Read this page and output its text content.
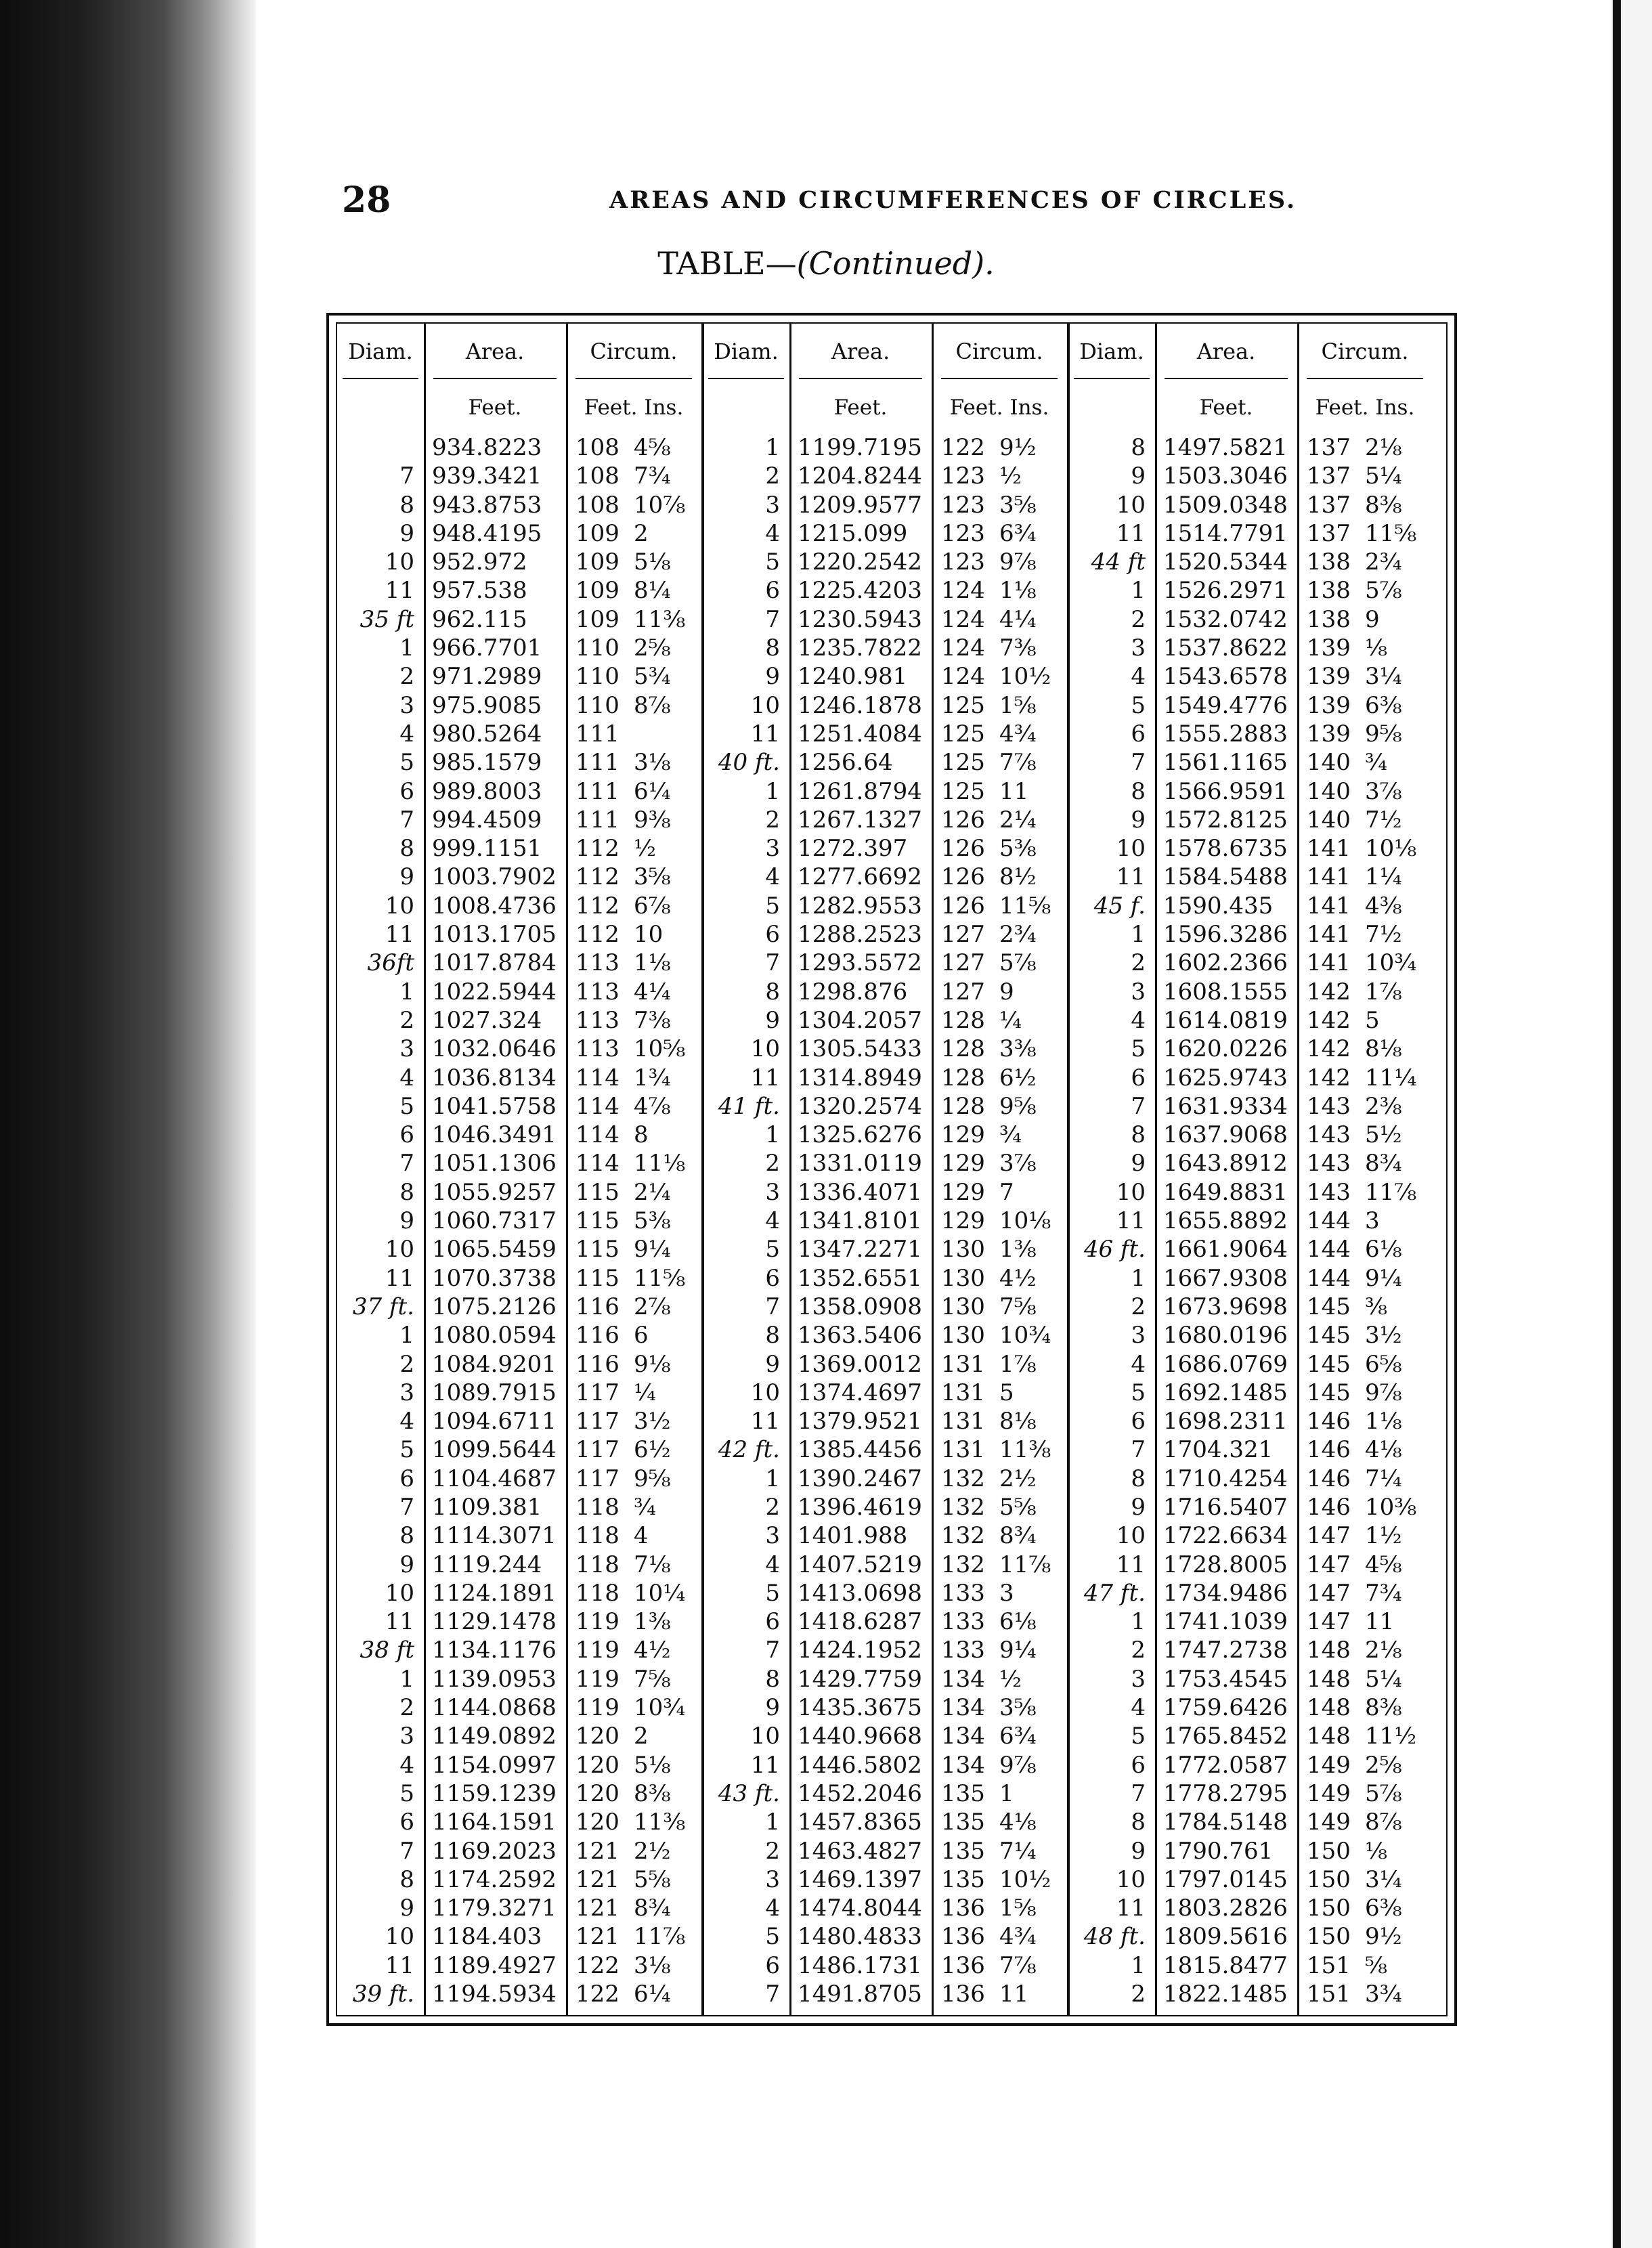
28	AREAS AND CIRCUMFERENCES OF CIRCLES.
TABLE—(Continued).
Diam.	Area.	Circum.
Feet.	Feet. Ins.
934.8223 108 4⅝
7 939.3421 108 7¾
8 943.8753 108 10⅞
9 948.4195 109 2
10 952.972 109 5⅛
11 957.538 109 8¼
35 ft 962.115 109 11⅜
1 966.7701 110 2⅝
2 971.2989 110 5¾
3 975.9085 110 8⅞
4 980.5264 111
5 985.1579 111 3⅛
6 989.8003 111 6¼
7 994.4509 111 9⅜
8 999.1151 112 ½
9 1003.7902 112 3⅝
10 1008.4736 112 6⅞
11 1013.1705 112 10
36ft 1017.8784 113 1⅛
1 1022.5944 113 4¼
2 1027.324 113 7⅜
3 1032.0646 113 10⅝
4 1036.8134 114 1¾
5 1041.5758 114 4⅞
6 1046.3491 114 8
7 1051.1306 114 11⅛
8 1055.9257 115 2¼
9 1060.7317 115 5⅜
10 1065.5459 115 9¼
11 1070.3738 115 11⅝
37 ft. 1075.2126 116 2⅞
1 1080.0594 116 6
2 1084.9201 116 9⅛
3 1089.7915 117 ¼
4 1094.6711 117 3½
5 1099.5644 117 6½
6 1104.4687 117 9⅝
7 1109.381 118 ¾
8 1114.3071 118 4
9 1119.244 118 7⅛
10 1124.1891 118 10¼
11 1129.1478 119 1⅜
38 ft 1134.1176 119 4½
1 1139.0953 119 7⅝
2 1144.0868 119 10¾
3 1149.0892 120 2
4 1154.0997 120 5⅛
5 1159.1239 120 8⅜
6 1164.1591 120 11⅜
7 1169.2023 121 2½
8 1174.2592 121 5⅝
9 1179.3271 121 8¾
10 1184.403 121 11⅞
11 1189.4927 122 3⅛
39 ft. 1194.5934 122 6¼
Diam.	Area.	Circum.
Feet.	Feet. Ins.
1 1199.7195 122 9½
2 1204.8244 123 ½
3 1209.9577 123 3⅝
4 1215.099 123 6¾
5 1220.2542 123 9⅞
6 1225.4203 124 1⅛
7 1230.5943 124 4¼
8 1235.7822 124 7⅜
9 1240.981 124 10½
10 1246.1878 125 1⅝
11 1251.4084 125 4¾
40 ft. 1256.64 125 7⅞
1 1261.8794 125 11
2 1267.1327 126 2¼
3 1272.397 126 5⅜
4 1277.6692 126 8½
5 1282.9553 126 11⅝
6 1288.2523 127 2¾
7 1293.5572 127 5⅞
8 1298.876 127 9
9 1304.2057 128 ¼
10 1305.5433 128 3⅜
11 1314.8949 128 6½
41 ft. 1320.2574 128 9⅝
1 1325.6276 129 ¾
2 1331.0119 129 3⅞
3 1336.4071 129 7
4 1341.8101 129 10⅛
5 1347.2271 130 1⅜
6 1352.6551 130 4½
7 1358.0908 130 7⅝
8 1363.5406 130 10¾
9 1369.0012 131 1⅞
10 1374.4697 131 5
11 1379.9521 131 8⅛
42 ft. 1385.4456 131 11⅜
1 1390.2467 132 2½
2 1396.4619 132 5⅝
3 1401.988 132 8¾
4 1407.5219 132 11⅞
5 1413.0698 133 3
6 1418.6287 133 6⅛
7 1424.1952 133 9¼
8 1429.7759 134 ½
9 1435.3675 134 3⅝
10 1440.9668 134 6¾
11 1446.5802 134 9⅞
43 ft. 1452.2046 135 1
1 1457.8365 135 4⅛
2 1463.4827 135 7¼
3 1469.1397 135 10½
4 1474.8044 136 1⅝
5 1480.4833 136 4¾
6 1486.1731 136 7⅞
7 1491.8705 136 11
Diam.	Area.	Circum.
Feet.	Feet. Ins.
8 1497.5821 137 2⅛
9 1503.3046 137 5¼
10 1509.0348 137 8⅜
11 1514.7791 137 11⅝
44 ft 1520.5344 138 2¾
1 1526.2971 138 5⅞
2 1532.0742 138 9
3 1537.8622 139 ⅛
4 1543.6578 139 3¼
5 1549.4776 139 6⅜
6 1555.2883 139 9⅝
7 1561.1165 140 ¾
8 1566.9591 140 3⅞
9 1572.8125 140 7½
10 1578.6735 141 10⅛
11 1584.5488 141 1¼
45 f. 1590.435 141 4⅜
1 1596.3286 141 7½
2 1602.2366 141 10¾
3 1608.1555 142 1⅞
4 1614.0819 142 5
5 1620.0226 142 8⅛
6 1625.9743 142 11¼
7 1631.9334 143 2⅜
8 1637.9068 143 5½
9 1643.8912 143 8¾
10 1649.8831 143 11⅞
11 1655.8892 144 3
46 ft. 1661.9064 144 6⅛
1 1667.9308 144 9¼
2 1673.9698 145 ⅜
3 1680.0196 145 3½
4 1686.0769 145 6⅝
5 1692.1485 145 9⅞
6 1698.2311 146 1⅛
7 1704.321 146 4⅛
8 1710.4254 146 7¼
9 1716.5407 146 10⅜
10 1722.6634 147 1½
11 1728.8005 147 4⅝
47 ft. 1734.9486 147 7¾
1 1741.1039 147 11
2 1747.2738 148 2⅛
3 1753.4545 148 5¼
4 1759.6426 148 8⅜
5 1765.8452 148 11½
6 1772.0587 149 2⅝
7 1778.2795 149 5⅞
8 1784.5148 149 8⅞
9 1790.761 150 ⅛
10 1797.0145 150 3¼
11 1803.2826 150 6⅜
48 ft. 1809.5616 150 9½
1 1815.8477 151 ⅝
2 1822.1485 151 3¾
